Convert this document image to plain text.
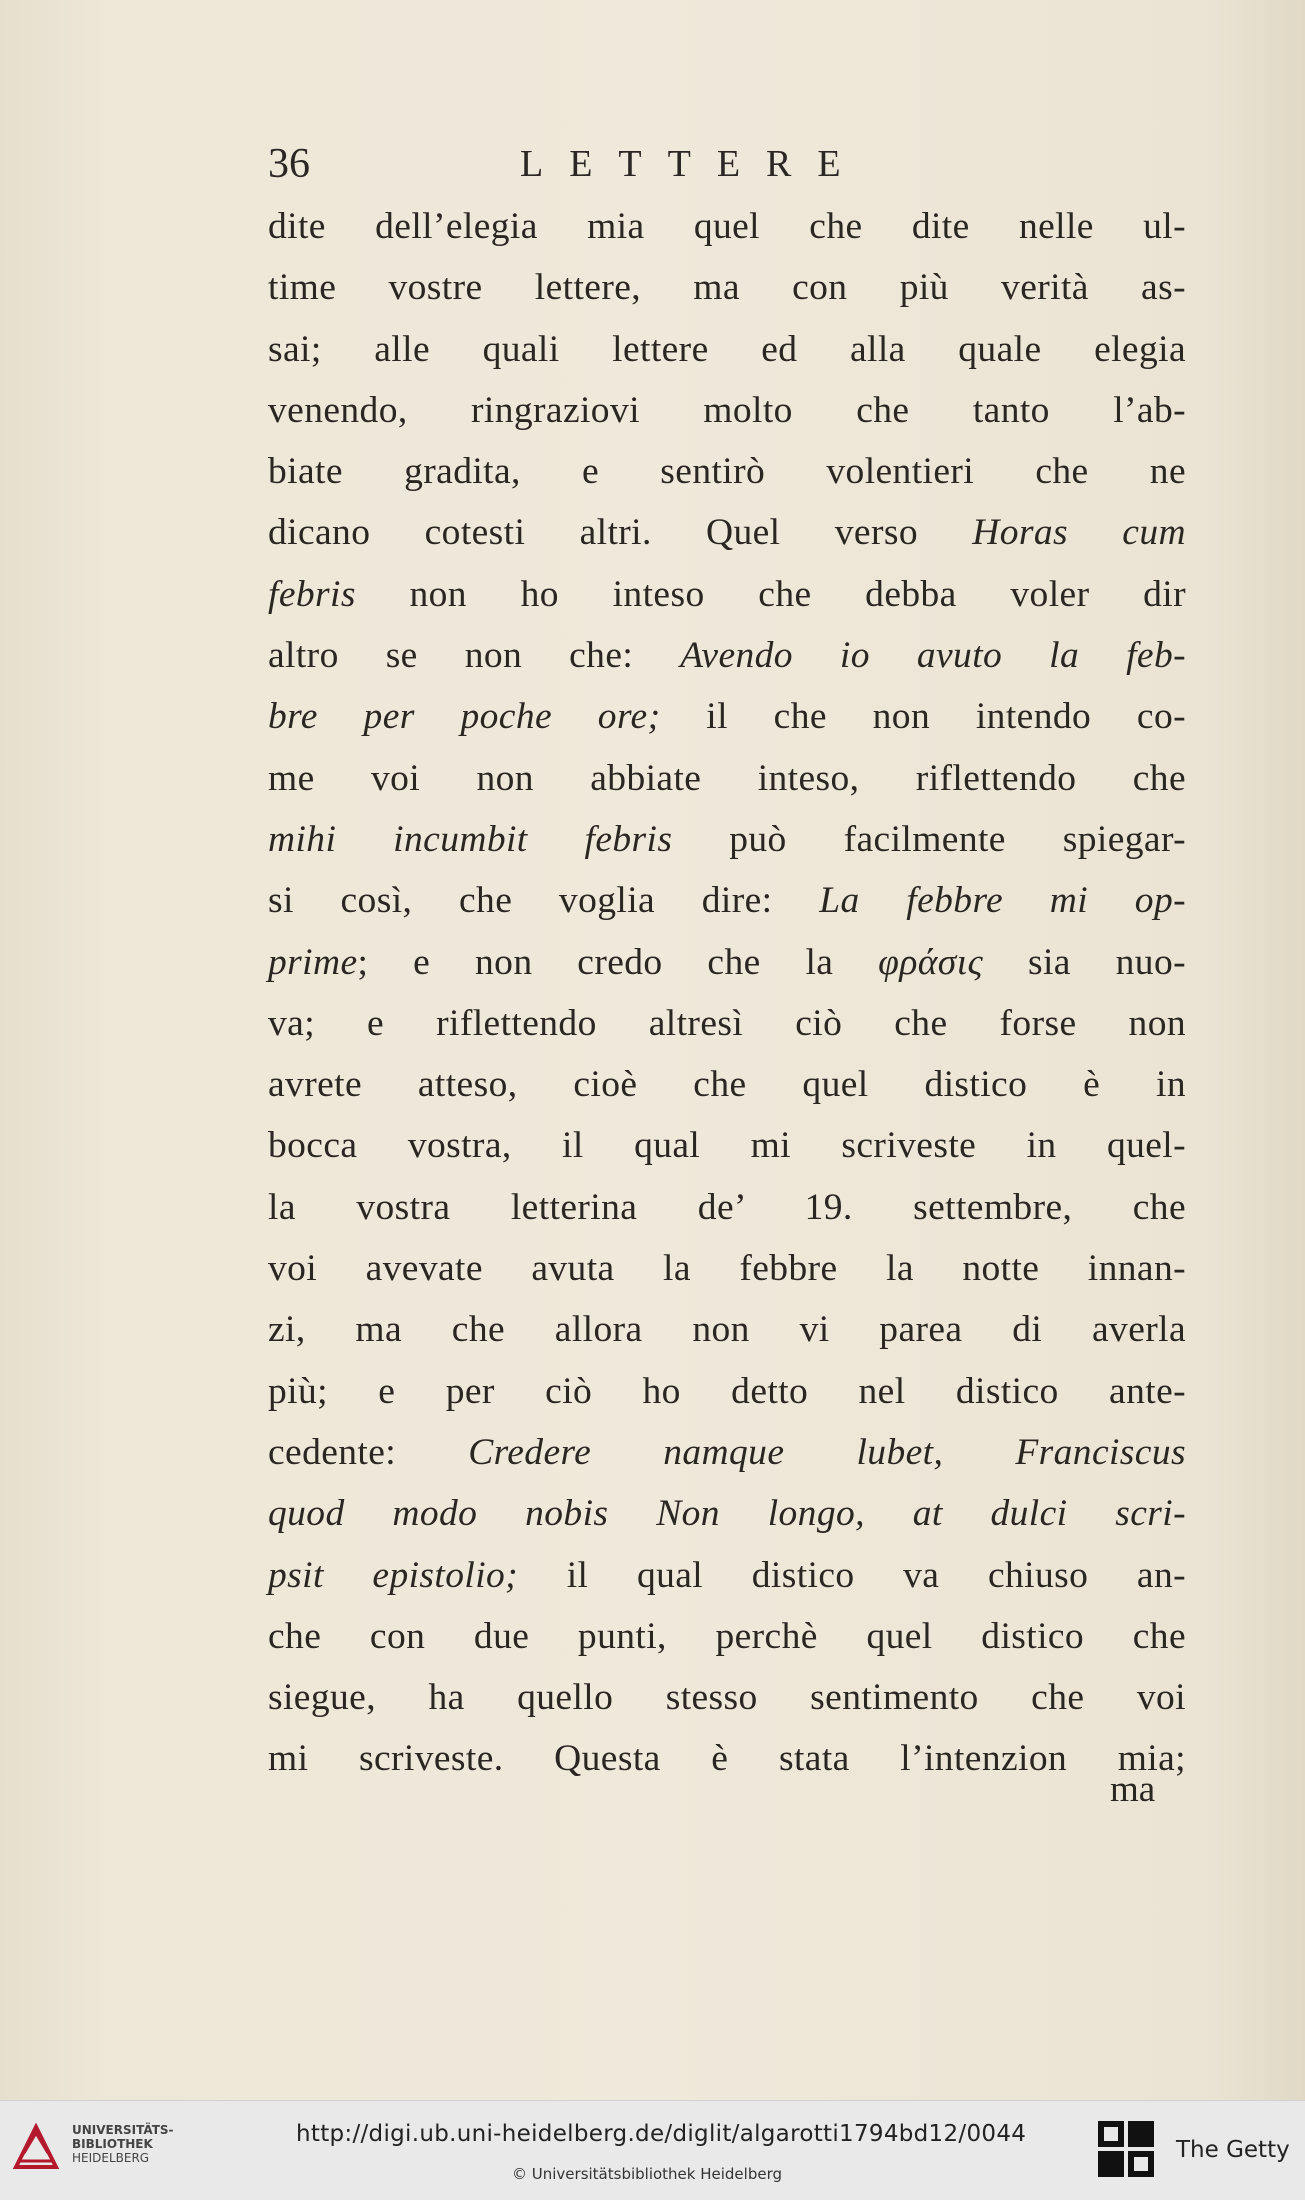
36	LETTERE
dite dell’elegia mia quel che dite nelle ul-
time vostre lettere, ma con più verità as-
sai; alle quali lettere ed alla quale elegia
venendo, ringraziovi molto che tanto l’ab-
biate gradita, e sentirò volentieri che ne
dicano cotesti altri. Quel verso Horas cum
febris non ho inteso che debba voler dir
altro se non che: Avendo io avuto la feb-
bre per poche ore; il che non intendo co-
me voi non abbiate inteso, riflettendo che
mihi incumbit febris può facilmente spiegar-
si così, che voglia dire: La febbre mi op-
prime; e non credo che la φράσις sia nuo-
va; e riflettendo altresì ciò che forse non
avrete atteso, cioè che quel distico è in
bocca vostra, il qual mi scriveste in quel-
la vostra letterina de’ 19. settembre, che
voi avevate avuta la febbre la notte innan-
zi, ma che allora non vi parea di averla
più; e per ciò ho detto nel distico ante-
cedente: Credere namque lubet, Franciscus
quod modo nobis Non longo, at dulci scri-
psit epistolio; il qual distico va chiuso an-
che con due punti, perchè quel distico che
siegue, ha quello stesso sentimento che voi
mi scriveste. Questa è stata l’intenzion mia;
ma
UNIVERSITÄTS-
BIBLIOTHEK
HEIDELBERG
http://digi.ub.uni-heidelberg.de/diglit/algarotti1794bd12/0044
© Universitätsbibliothek Heidelberg
The Getty
